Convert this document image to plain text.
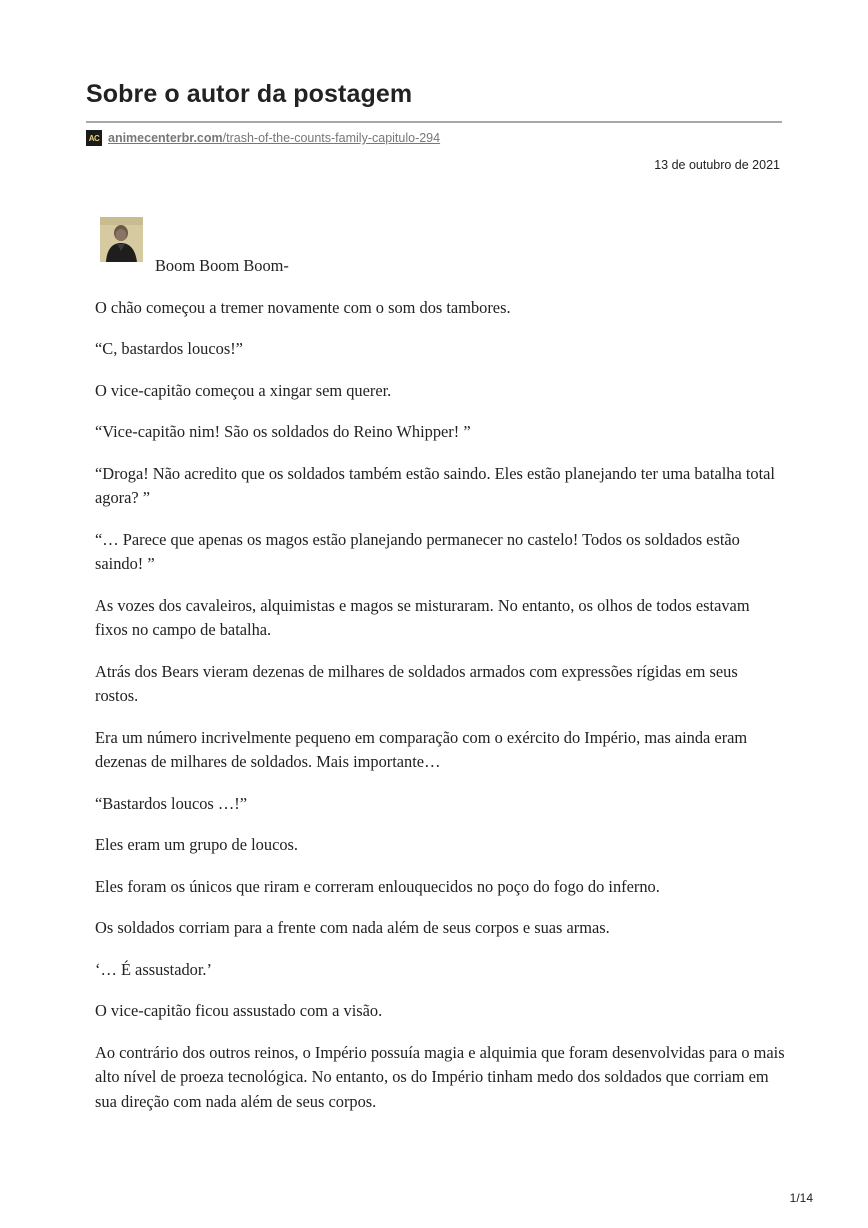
Sobre o autor da postagem
AC animecenterbr.com/trash-of-the-counts-family-capitulo-294
13 de outubro de 2021

Boom Boom Boom-

O chão começou a tremer novamente com o som dos tambores.

“C, bastardos loucos!”

O vice-capitão começou a xingar sem querer.

“Vice-capitão nim! São os soldados do Reino Whipper! ”

“Droga! Não acredito que os soldados também estão saindo. Eles estão planejando ter uma batalha total agora? ”

“… Parece que apenas os magos estão planejando permanecer no castelo! Todos os soldados estão saindo! ”

As vozes dos cavaleiros, alquimistas e magos se misturaram. No entanto, os olhos de todos estavam fixos no campo de batalha.

Atrás dos Bears vieram dezenas de milhares de soldados armados com expressões rígidas em seus rostos.

Era um número incrivelmente pequeno em comparação com o exército do Império, mas ainda eram dezenas de milhares de soldados. Mais importante…

“Bastardos loucos …!”

Eles eram um grupo de loucos.

Eles foram os únicos que riram e correram enlouquecidos no poço do fogo do inferno.

Os soldados corriam para a frente com nada além de seus corpos e suas armas.

‘… É assustador.’

O vice-capitão ficou assustado com a visão.

Ao contrário dos outros reinos, o Império possuía magia e alquimia que foram desenvolvidas para o mais alto nível de proeza tecnológica. No entanto, os do Império tinham medo dos soldados que corriam em sua direção com nada além de seus corpos.

1/14
